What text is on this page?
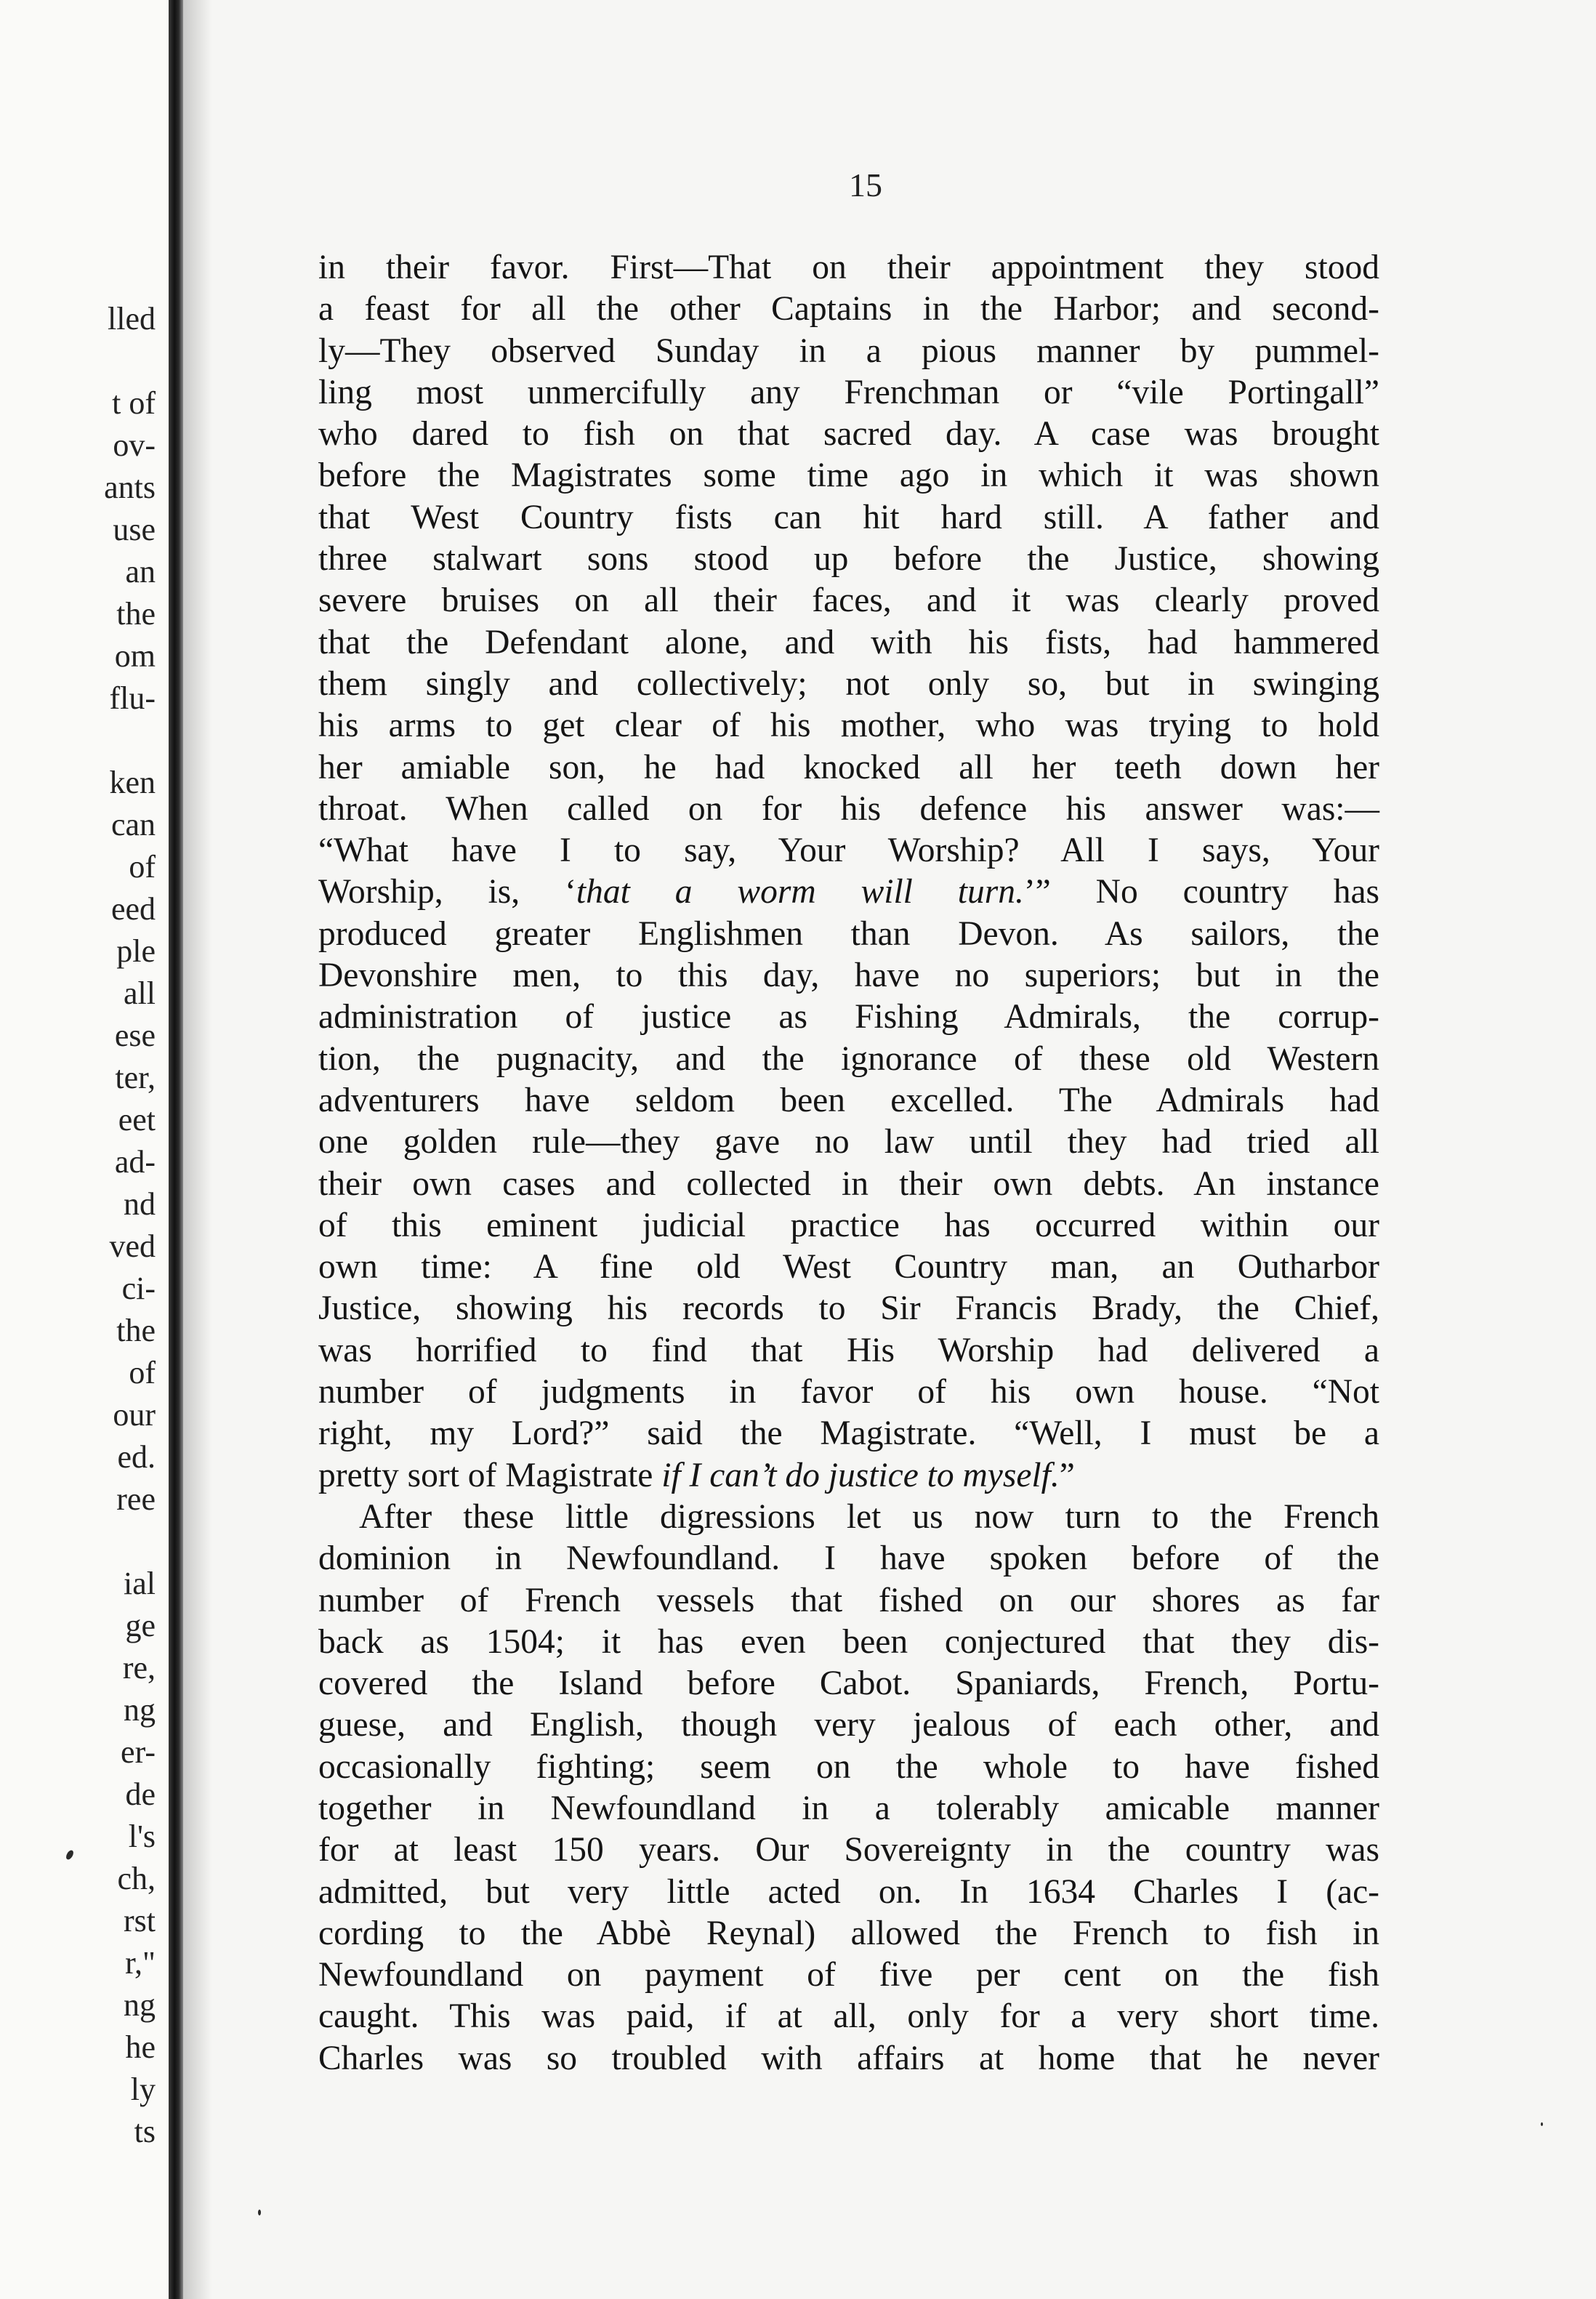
lled
t of
ov-
ants
use
an
the
om
flu-
ken
can
of
eed
ple
all
ese
ter,
eet
ad-
nd
ved
ci-
the
of
our
ed.
ree
ial
ge
re,
ng
er-
de
l's
ch,
rst
r,"
ng
he
ly
ts
15
in their favor. First—That on their appointment they stood
a feast for all the other Captains in the Harbor; and second-
ly—They observed Sunday in a pious manner by pummel-
ling most unmercifully any Frenchman or “vile Portingall”
who dared to fish on that sacred day. A case was brought
before the Magistrates some time ago in which it was shown
that West Country fists can hit hard still. A father and
three stalwart sons stood up before the Justice, showing
severe bruises on all their faces, and it was clearly proved
that the Defendant alone, and with his fists, had hammered
them singly and collectively; not only so, but in swinging
his arms to get clear of his mother, who was trying to hold
her amiable son, he had knocked all her teeth down her
throat. When called on for his defence his answer was:—
“What have I to say, Your Worship? All I says, Your
Worship, is, ‘that a worm will turn.’” No country has
produced greater Englishmen than Devon. As sailors, the
Devonshire men, to this day, have no superiors; but in the
administration of justice as Fishing Admirals, the corrup-
tion, the pugnacity, and the ignorance of these old Western
adventurers have seldom been excelled. The Admirals had
one golden rule—they gave no law until they had tried all
their own cases and collected in their own debts. An instance
of this eminent judicial practice has occurred within our
own time: A fine old West Country man, an Outharbor
Justice, showing his records to Sir Francis Brady, the Chief,
was horrified to find that His Worship had delivered a
number of judgments in favor of his own house. “Not
right, my Lord?” said the Magistrate. “Well, I must be a
pretty sort of Magistrate if I can’t do justice to myself.”
After these little digressions let us now turn to the French
dominion in Newfoundland. I have spoken before of the
number of French vessels that fished on our shores as far
back as 1504; it has even been conjectured that they dis-
covered the Island before Cabot. Spaniards, French, Portu-
guese, and English, though very jealous of each other, and
occasionally fighting; seem on the whole to have fished
together in Newfoundland in a tolerably amicable manner
for at least 150 years. Our Sovereignty in the country was
admitted, but very little acted on. In 1634 Charles I (ac-
cording to the Abbè Reynal) allowed the French to fish in
Newfoundland on payment of five per cent on the fish
caught. This was paid, if at all, only for a very short time.
Charles was so troubled with affairs at home that he never
